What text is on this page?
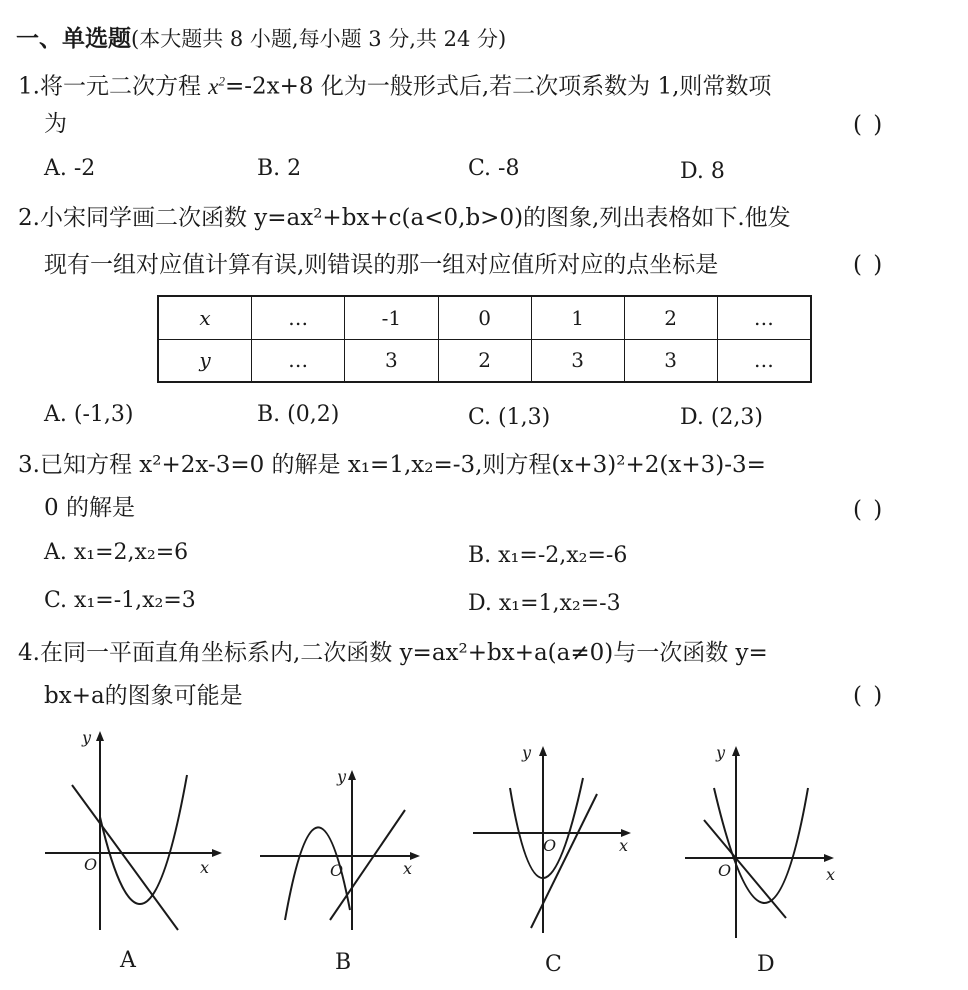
一、单选题(本大题共 8 小题,每小题 3 分,共 24 分)
1.将一元二次方程 $x^2=-2x+8$ 化为一般形式后,若二次项系数为 1,则常数项
为	( )
A. -2	B. 2	C. -8	D. 8
2.小宋同学画二次函数 y=ax²+bx+c(a<0,b>0)的图象,列出表格如下.他发
现有一组对应值计算有误,则错误的那一组对应值所对应的点坐标是	( )
x	…	-1	0	1	2	…
y	…	3	2	3	3	…
A. (-1,3)	B. (0,2)	C. (1,3)	D. (2,3)
3.已知方程 x²+2x-3=0 的解是 x₁=1,x₂=-3,则方程(x+3)²+2(x+3)-3=
0 的解是	( )
A. x₁=2,x₂=6	B. x₁=-2,x₂=-6
C. x₁=-1,x₂=3	D. x₁=1,x₂=-3
4.在同一平面直角坐标系内,二次函数 y=ax²+bx+a(a≠0)与一次函数 y=
bx+a的图象可能是	( )
O	x
y
A
O	x
y
B
O	x
y
C
O	x
y
D
